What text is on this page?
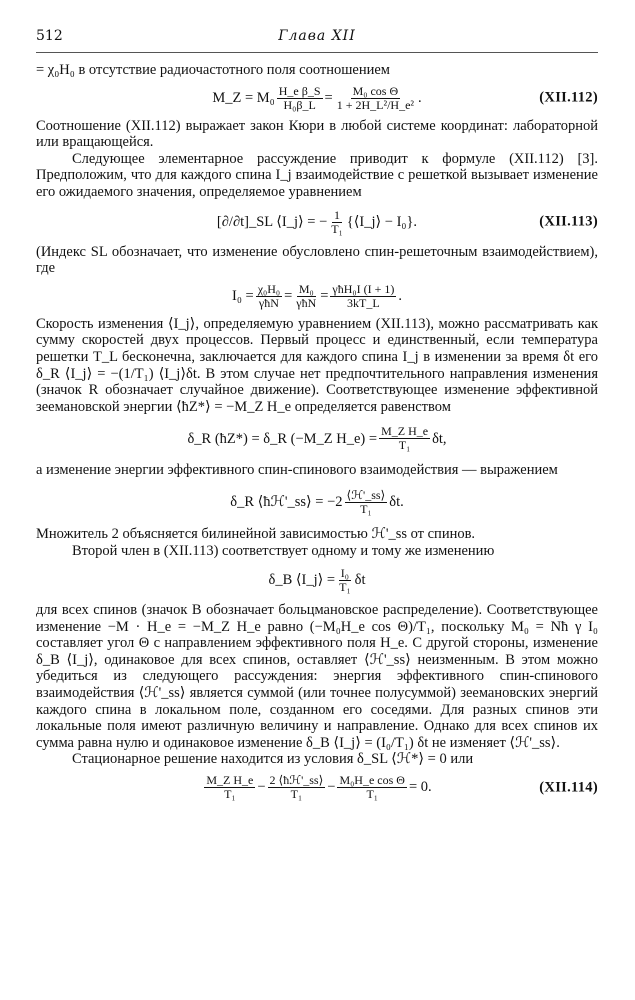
512	Глава XII

= χ₀H₀ в отсутствие радиочастотного поля соотношением

M_Z = $M_0 \frac{\text{H\_e β\_S}}{\text{H₀β\_L}} = \frac{\text{M₀ cos Θ}}{\text{1 + 2H\_L²/H\_e²}}$ .	(XII.112)

Соотношение (XII.112) выражает закон Кюри в любой системе координат: лабораторной или вращающейся.

Следующее элементарное рассуждение приводит к формуле (XII.112) [3]. Предположим, что для каждого спина I_j взаимодействие с решеткой вызывает изменение его ожидаемого значения, определяемое уравнением

[∂/∂t]_SL ⟨I_j⟩ = − $\frac{1}{\text{T₁}}$ {⟨I_j⟩ − I₀}.	(XII.113)

(Индекс SL обозначает, что изменение обусловлено спин-решеточным взаимодействием), где

$I_0 = \frac{\text{χ₀H₀}}{\text{γħN}} = \frac{\text{M₀}}{\text{γħN}} = \frac{\text{γħH₀I (I + 1)}}{3kT\_L}$ .

Скорость изменения ⟨I_j⟩, определяемую уравнением (XII.113), можно рассматривать как сумму скоростей двух процессов. Первый процесс и единственный, если температура решетки T_L бесконечна, заключается для каждого спина I_j в изменении за время δt его δ_R ⟨I_j⟩ = −(1/T₁) ⟨I_j⟩δt. В этом случае нет предпочтительного направления изменения (значок R обозначает случайное движение). Соответствующее изменение эффективной зеемановской энергии ⟨ħZ*⟩ = −M_Z H_e определяется равенством

δ_R (ħZ*) = δ_R (−M_Z H_e) = $\frac{\text{M\_Z H\_e}}{\text{T₁}} \delta t$,

а изменение энергии эффективного спин-спинового взаимодействия — выражением

δ_R ⟨ħℋ'_ss⟩ = $-2 \frac{\text{⟨ℋ'\_ss⟩}}{\text{T₁}} \delta t$.

Множитель 2 объясняется билинейной зависимостью ℋ'_ss от спинов.

Второй член в (XII.113) соответствует одному и тому же изменению

δ_B ⟨I_j⟩ = $\frac{\text{I₀}}{\text{T₁}}$ δt

для всех спинов (значок B обозначает больцмановское распределение). Соответствующее изменение −M · H_e = −M_Z H_e равно (−M₀H_e cos Θ)/T₁, поскольку M₀ = Nħ γ I₀ составляет угол Θ с направлением эффективного поля H_e. С другой стороны, изменение δ_B ⟨I_j⟩, одинаковое для всех спинов, оставляет ⟨ℋ'_ss⟩ неизменным. В этом можно убедиться из следующего рассуждения: энергия эффективного спин-спинового взаимодействия ⟨ℋ'_ss⟩ является суммой (или точнее полусуммой) зеемановских энергий каждого спина в локальном поле, созданном его соседями. Для разных спинов эти локальные поля имеют различную величину и направление. Однако для всех спинов их сумма равна нулю и одинаковое изменение δ_B ⟨I_j⟩ = (I₀/T₁) δt не изменяет ⟨ℋ'_ss⟩.

Стационарное решение находится из условия δ_SL ⟨ℋ*⟩ = 0 или

$\frac{\text{M\_Z H\_e}}{\text{T₁}} - \frac{\text{2 ⟨ħℋ'\_ss⟩}}{\text{T₁}} - \frac{\text{M₀H\_e cos Θ}}{\text{T₁}} = 0$.	(XII.114)
